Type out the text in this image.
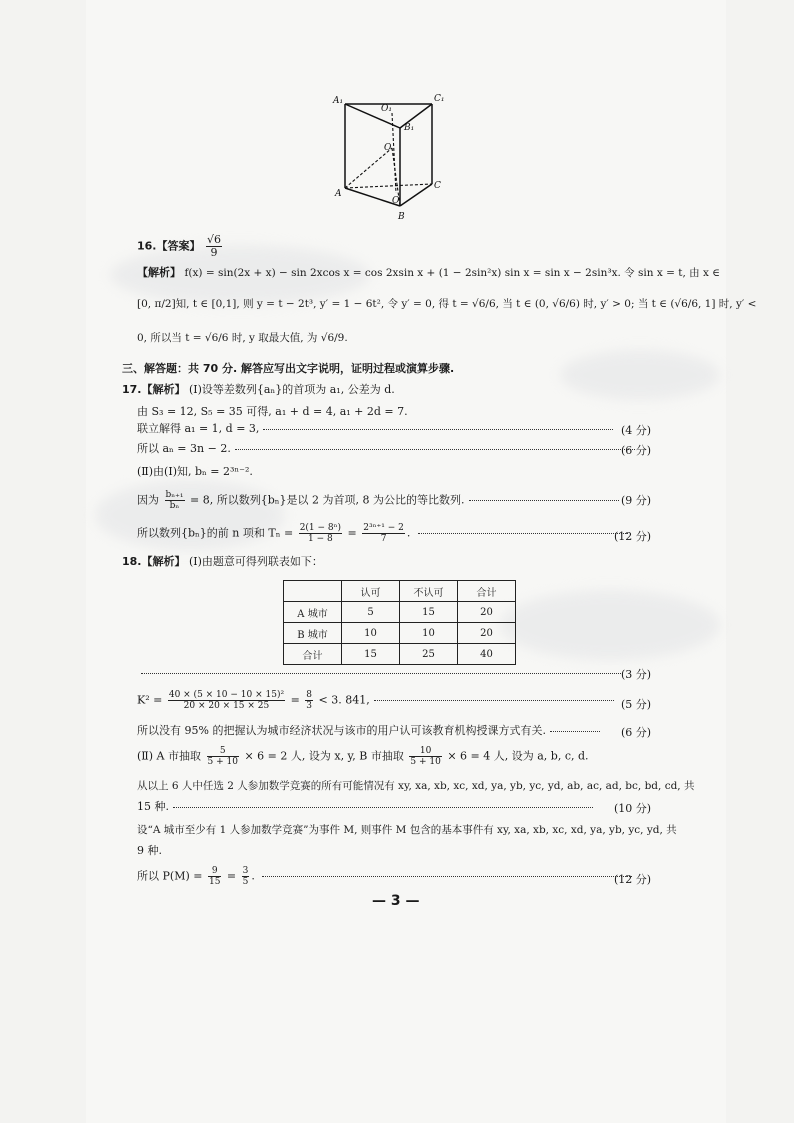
A₁	C₁
O₁
B₁
O
A
C
O
B
16.【答案】 $\frac{√6}{9}$
【解析】 f(x) = sin(2x + x) − sin 2xcos x = cos 2xsin x + (1 − 2sin²x) sin x = sin x − 2sin³x. 令 sin x = t, 由 x ∈
[0, π/2]知, t ∈ [0,1], 则 y = t − 2t³, y′ = 1 − 6t², 令 y′ = 0, 得 t = √6/6, 当 t ∈ (0, √6/6) 时, y′ > 0; 当 t ∈ (√6/6, 1] 时, y′ <
0, 所以当 t = √6/6 时, y 取最大值, 为 √6/9.
三、解答题：共 70 分. 解答应写出文字说明，证明过程或演算步骤.
17.【解析】 (Ⅰ)设等差数列{aₙ}的首项为 a₁, 公差为 d.
由 S₃ = 12, S₅ = 35 可得, a₁ + d = 4, a₁ + 2d = 7.
联立解得 a₁ = 1, d = 3,	(4 分)
所以 aₙ = 3n − 2.	(6 分)
(Ⅱ)由(Ⅰ)知, bₙ = 2³ⁿ⁻².
因为 $\frac{\text{bₙ₊₁}}{\text{bₙ}} = 8$, 所以数列{bₙ}是以 2 为首项, 8 为公比的等比数列.	(9 分)
所以数列{bₙ}的前 n 项和 $T_n = \frac{\text{2(1 − 8ⁿ)}}{1 - 8} = \frac{\text{2³ⁿ⁺¹ − 2}}{7}$ .	(12 分)
18.【解析】 (Ⅰ)由题意可得列联表如下：
	认可	不认可	合计
A 城市	5	15	20
B 城市	10	10	20
合计	15	25	40
(3 分)
$K^2 = \frac{\text{40 × (5 × 10 − 10 × 15)²}}{20 \times 20 \times 15 \times 25} = \frac{8}{3} < 3$. 841,	(5 分)
所以没有 95% 的把握认为城市经济状况与该市的用户认可该教育机构授课方式有关.	(6 分)
(Ⅱ) A 市抽取 $\frac{5}{5 + 10} \times 6 = 2$ 人, 设为 x, y, B 市抽取 $\frac{10}{5 + 10} \times 6 = 4$ 人, 设为 a, b, c, d.
从以上 6 人中任选 2 人参加数学竞赛的所有可能情况有 xy, xa, xb, xc, xd, ya, yb, yc, yd, ab, ac, ad, bc, bd, cd, 共
15 种.	(10 分)
设“A 城市至少有 1 人参加数学竞赛”为事件 M, 则事件 M 包含的基本事件有 xy, xa, xb, xc, xd, ya, yb, yc, yd, 共
9 种.
所以 $P(M) = \frac{9}{15} = \frac{3}{5}$ .	(12 分)
— 3 —
